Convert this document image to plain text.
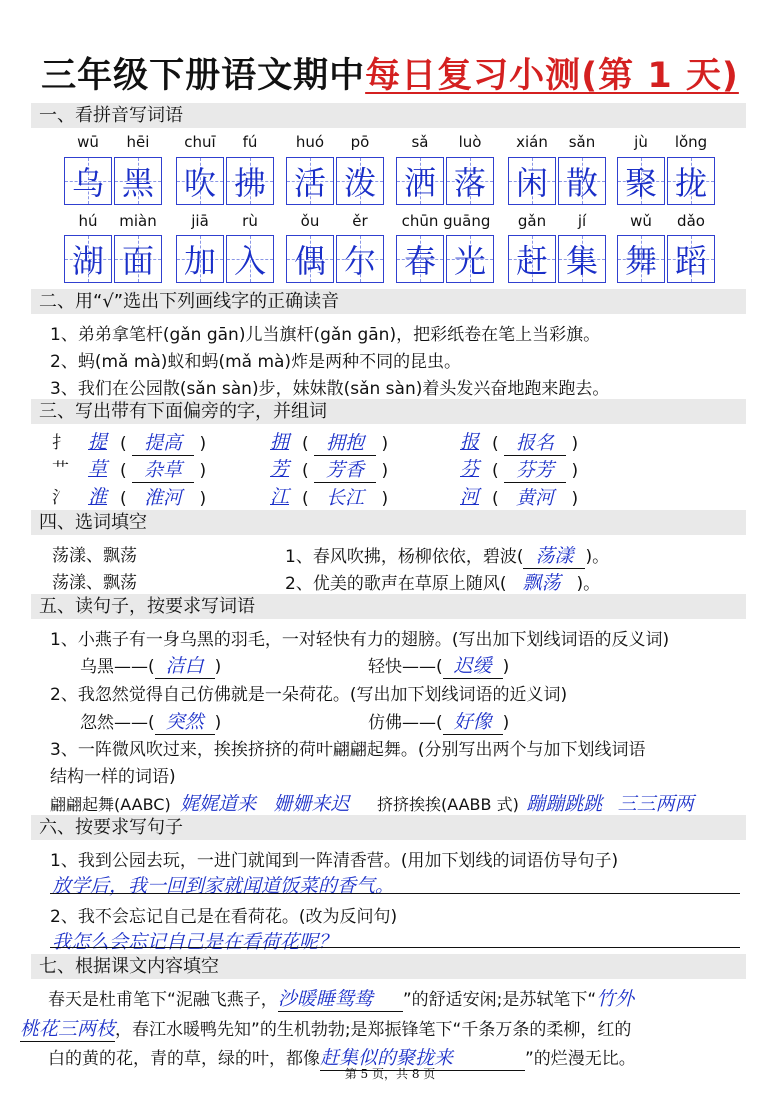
三年级下册语文期中每日复习小测(第 1 天)
一、看拼音写词语
wū	hēi
乌 黑
chuī	fú
吹 拂
huó	pō
活 泼
sǎ	luò
洒 落
xián	sǎn
闲 散
jù	lǒng
聚 拢
hú	miàn
湖 面
jiā	rù
加 入
ǒu	ěr
偶 尔
chūn guāng
春 光
gǎn	jí
赶 集
wǔ	dǎo
舞 蹈
二、用“√”选出下列画线字的正确读音
1、弟弟拿笔杆(gǎn gān)儿当旗杆(gǎn gān)，把彩纸卷在笔上当彩旗。
2、蚂(mǎ mà)蚁和蚂(mǎ mà)炸是两种不同的昆虫。
3、我们在公园散(sǎn sàn)步，妹妹散(sǎn sàn)着头发兴奋地跑来跑去。
三、写出带有下面偏旁的字，并组词
扌 提 ( 提高 )	拥 ( 拥抱 )	报 ( 报名 )
艹 草 ( 杂草 )	芳 ( 芳香 )	芬 ( 芬芳 )
氵 淮 ( 淮河 )	江 ( 长江 )	河 ( 黄河 )
四、选词填空
荡漾、飘荡	1、春风吹拂，杨柳依依，碧波( 荡漾 )。
荡漾、飘荡	2、优美的歌声在草原上随风( 飘荡 )。
五、读句子，按要求写词语
1、小燕子有一身乌黑的羽毛，一对轻快有力的翅膀。(写出加下划线词语的反义词)
乌黑——( 洁白 )	轻快——( 迟缓 )
2、我忽然觉得自己仿佛就是一朵荷花。(写出加下划线词语的近义词)
忽然——( 突然 )	仿佛——( 好像 )
3、一阵微风吹过来，挨挨挤挤的荷叶翩翩起舞。(分别写出两个与加下划线词语
结构一样的词语)
翩翩起舞(AABC) 娓娓道来 姗姗来迟 挤挤挨挨(AABB 式) 蹦蹦跳跳 三三两两
六、按要求写句子
1、我到公园去玩，一进门就闻到一阵清香营。(用加下划线的词语仿导句子)
放学后，我一回到家就闻道饭菜的香气。
2、我不会忘记自己是在看荷花。(改为反问句)
我怎么会忘记自己是在看荷花呢？
七、根据课文内容填空
春天是杜甫笔下“泥融飞燕子，沙暖睡鸳鸯 ”的舒适安闲;是苏轼笔下“竹外
桃花三两枝，春江水暖鸭先知”的生机勃勃;是郑振锋笔下“千条万条的柔柳，红的
白的黄的花，青的草，绿的叶，都像赶集似的聚拢来	”的烂漫无比。
第 5 页，共 8 页
